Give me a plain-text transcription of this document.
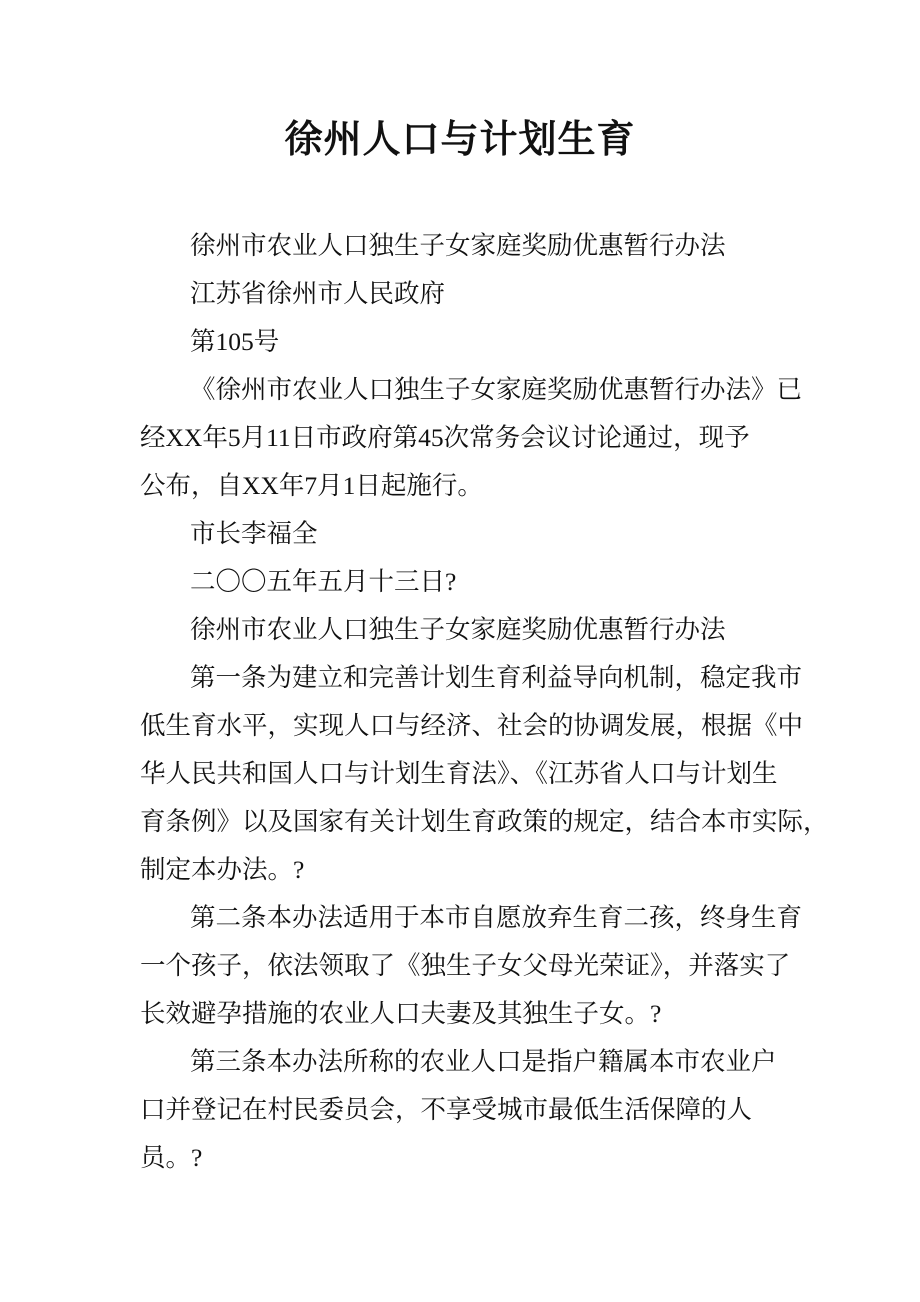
徐州人口与计划生育
徐州市农业人口独生子女家庭奖励优惠暂行办法
江苏省徐州市人民政府
第105号
《徐州市农业人口独生子女家庭奖励优惠暂行办法》已
经XX年5月11日市政府第45次常务会议讨论通过，现予
公布，自XX年7月1日起施行。
市长李福全
二〇〇五年五月十三日?
徐州市农业人口独生子女家庭奖励优惠暂行办法
第一条为建立和完善计划生育利益导向机制，稳定我市
低生育水平，实现人口与经济、社会的协调发展，根据《中
华人民共和国人口与计划生育法》、《江苏省人口与计划生
育条例》以及国家有关计划生育政策的规定，结合本市实际，
制定本办法。?
第二条本办法适用于本市自愿放弃生育二孩，终身生育
一个孩子，依法领取了《独生子女父母光荣证》，并落实了
长效避孕措施的农业人口夫妻及其独生子女。?
第三条本办法所称的农业人口是指户籍属本市农业户
口并登记在村民委员会，不享受城市最低生活保障的人
员。?
